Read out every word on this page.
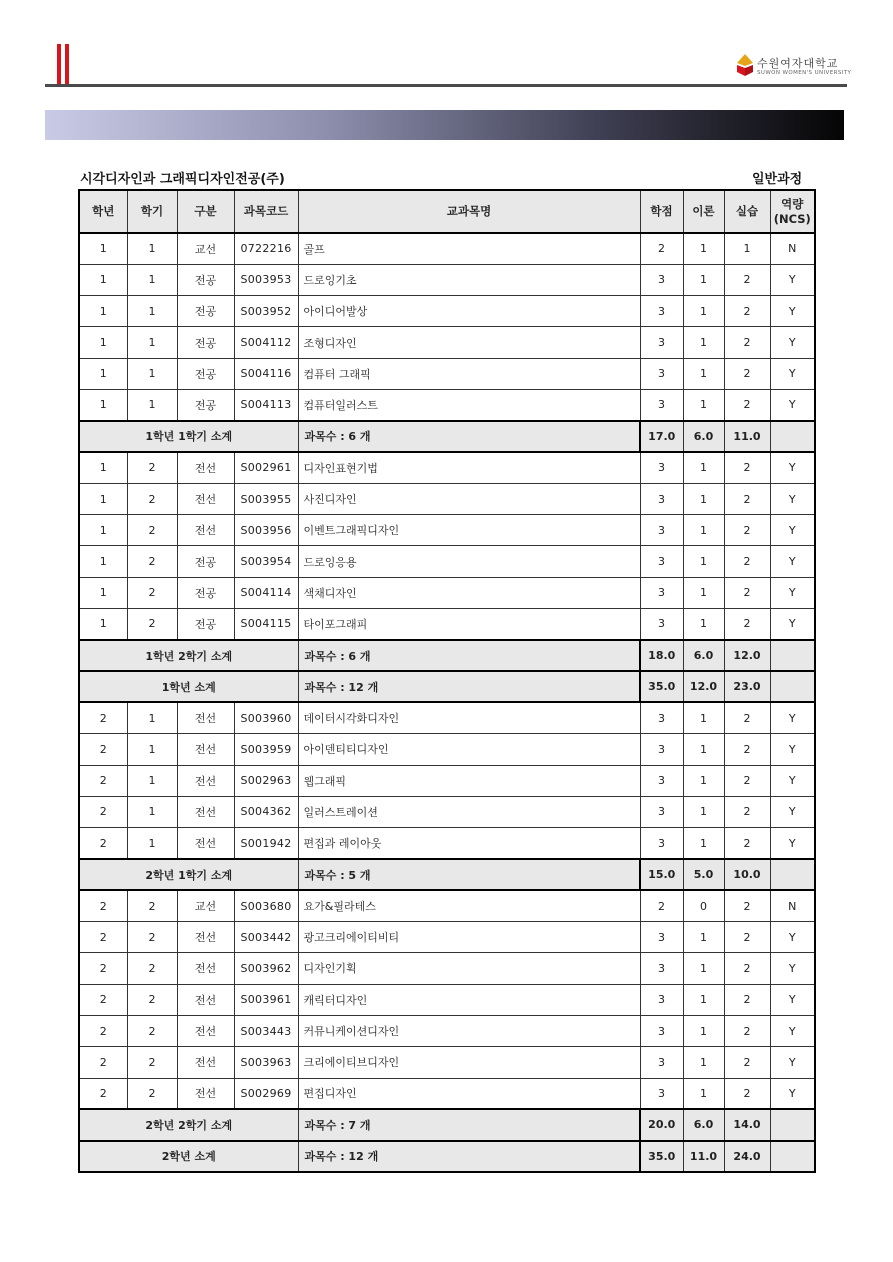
수원여자대학교
SUWON WOMEN'S UNIVERSITY
시각디자인과 그래픽디자인전공(주)	일반과정
학년	학기	구분	과목코드	교과목명	학점	이론	실습	역량
(NCS)
1	1	교선	0722216	골프	2	1	1	N
1	1	전공	S003953	드로잉기초	3	1	2	Y
1	1	전공	S003952	아이디어발상	3	1	2	Y
1	1	전공	S004112	조형디자인	3	1	2	Y
1	1	전공	S004116	컴퓨터 그래픽	3	1	2	Y
1	1	전공	S004113	컴퓨터일러스트	3	1	2	Y
1학년 1학기 소계				과목수 : 6 개	17.0	6.0	11.0	
1	2	전선	S002961	디자인표현기법	3	1	2	Y
1	2	전선	S003955	사진디자인	3	1	2	Y
1	2	전선	S003956	이벤트그래픽디자인	3	1	2	Y
1	2	전공	S003954	드로잉응용	3	1	2	Y
1	2	전공	S004114	색채디자인	3	1	2	Y
1	2	전공	S004115	타이포그래피	3	1	2	Y
1학년 2학기 소계				과목수 : 6 개	18.0	6.0	12.0	
1학년 소계				과목수 : 12 개	35.0	12.0	23.0	
2	1	전선	S003960	데이터시각화디자인	3	1	2	Y
2	1	전선	S003959	아이덴티티디자인	3	1	2	Y
2	1	전선	S002963	웹그래픽	3	1	2	Y
2	1	전선	S004362	일러스트레이션	3	1	2	Y
2	1	전선	S001942	편집과 레이아웃	3	1	2	Y
2학년 1학기 소계				과목수 : 5 개	15.0	5.0	10.0	
2	2	교선	S003680	요가&필라테스	2	0	2	N
2	2	전선	S003442	광고크리에이티비티	3	1	2	Y
2	2	전선	S003962	디자인기획	3	1	2	Y
2	2	전선	S003961	캐릭터디자인	3	1	2	Y
2	2	전선	S003443	커뮤니케이션디자인	3	1	2	Y
2	2	전선	S003963	크리에이티브디자인	3	1	2	Y
2	2	전선	S002969	편집디자인	3	1	2	Y
2학년 2학기 소계				과목수 : 7 개	20.0	6.0	14.0	
2학년 소계				과목수 : 12 개	35.0	11.0	24.0	
